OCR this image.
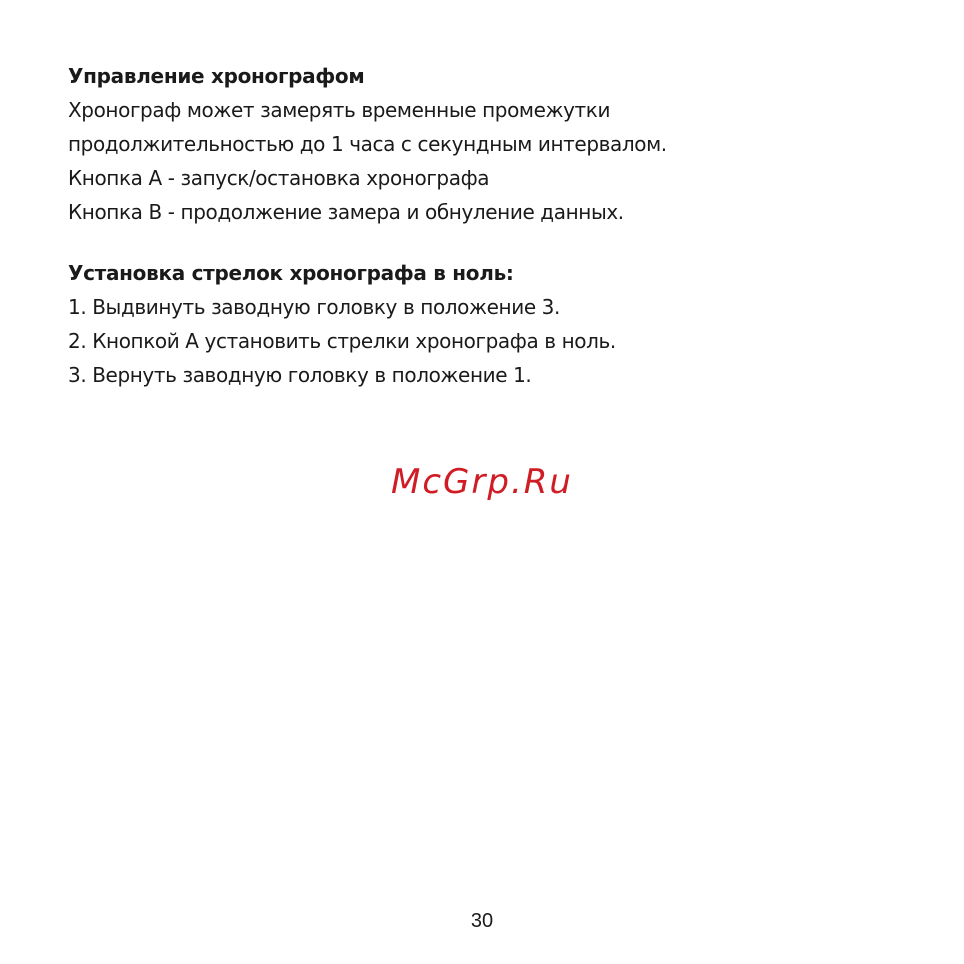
Управление хронографом

Хронограф может замерять временные промежутки

продолжительностью до 1 часа с секундным интервалом.

Кнопка А - запуск/остановка хронографа

Кнопка В - продолжение замера и обнуление данных.

Установка стрелок хронографа в ноль:

1. Выдвинуть заводную головку в положение 3.

2. Кнопкой А установить стрелки хронографа в ноль.

3. Вернуть заводную головку в положение 1.

McGrp.Ru

30
